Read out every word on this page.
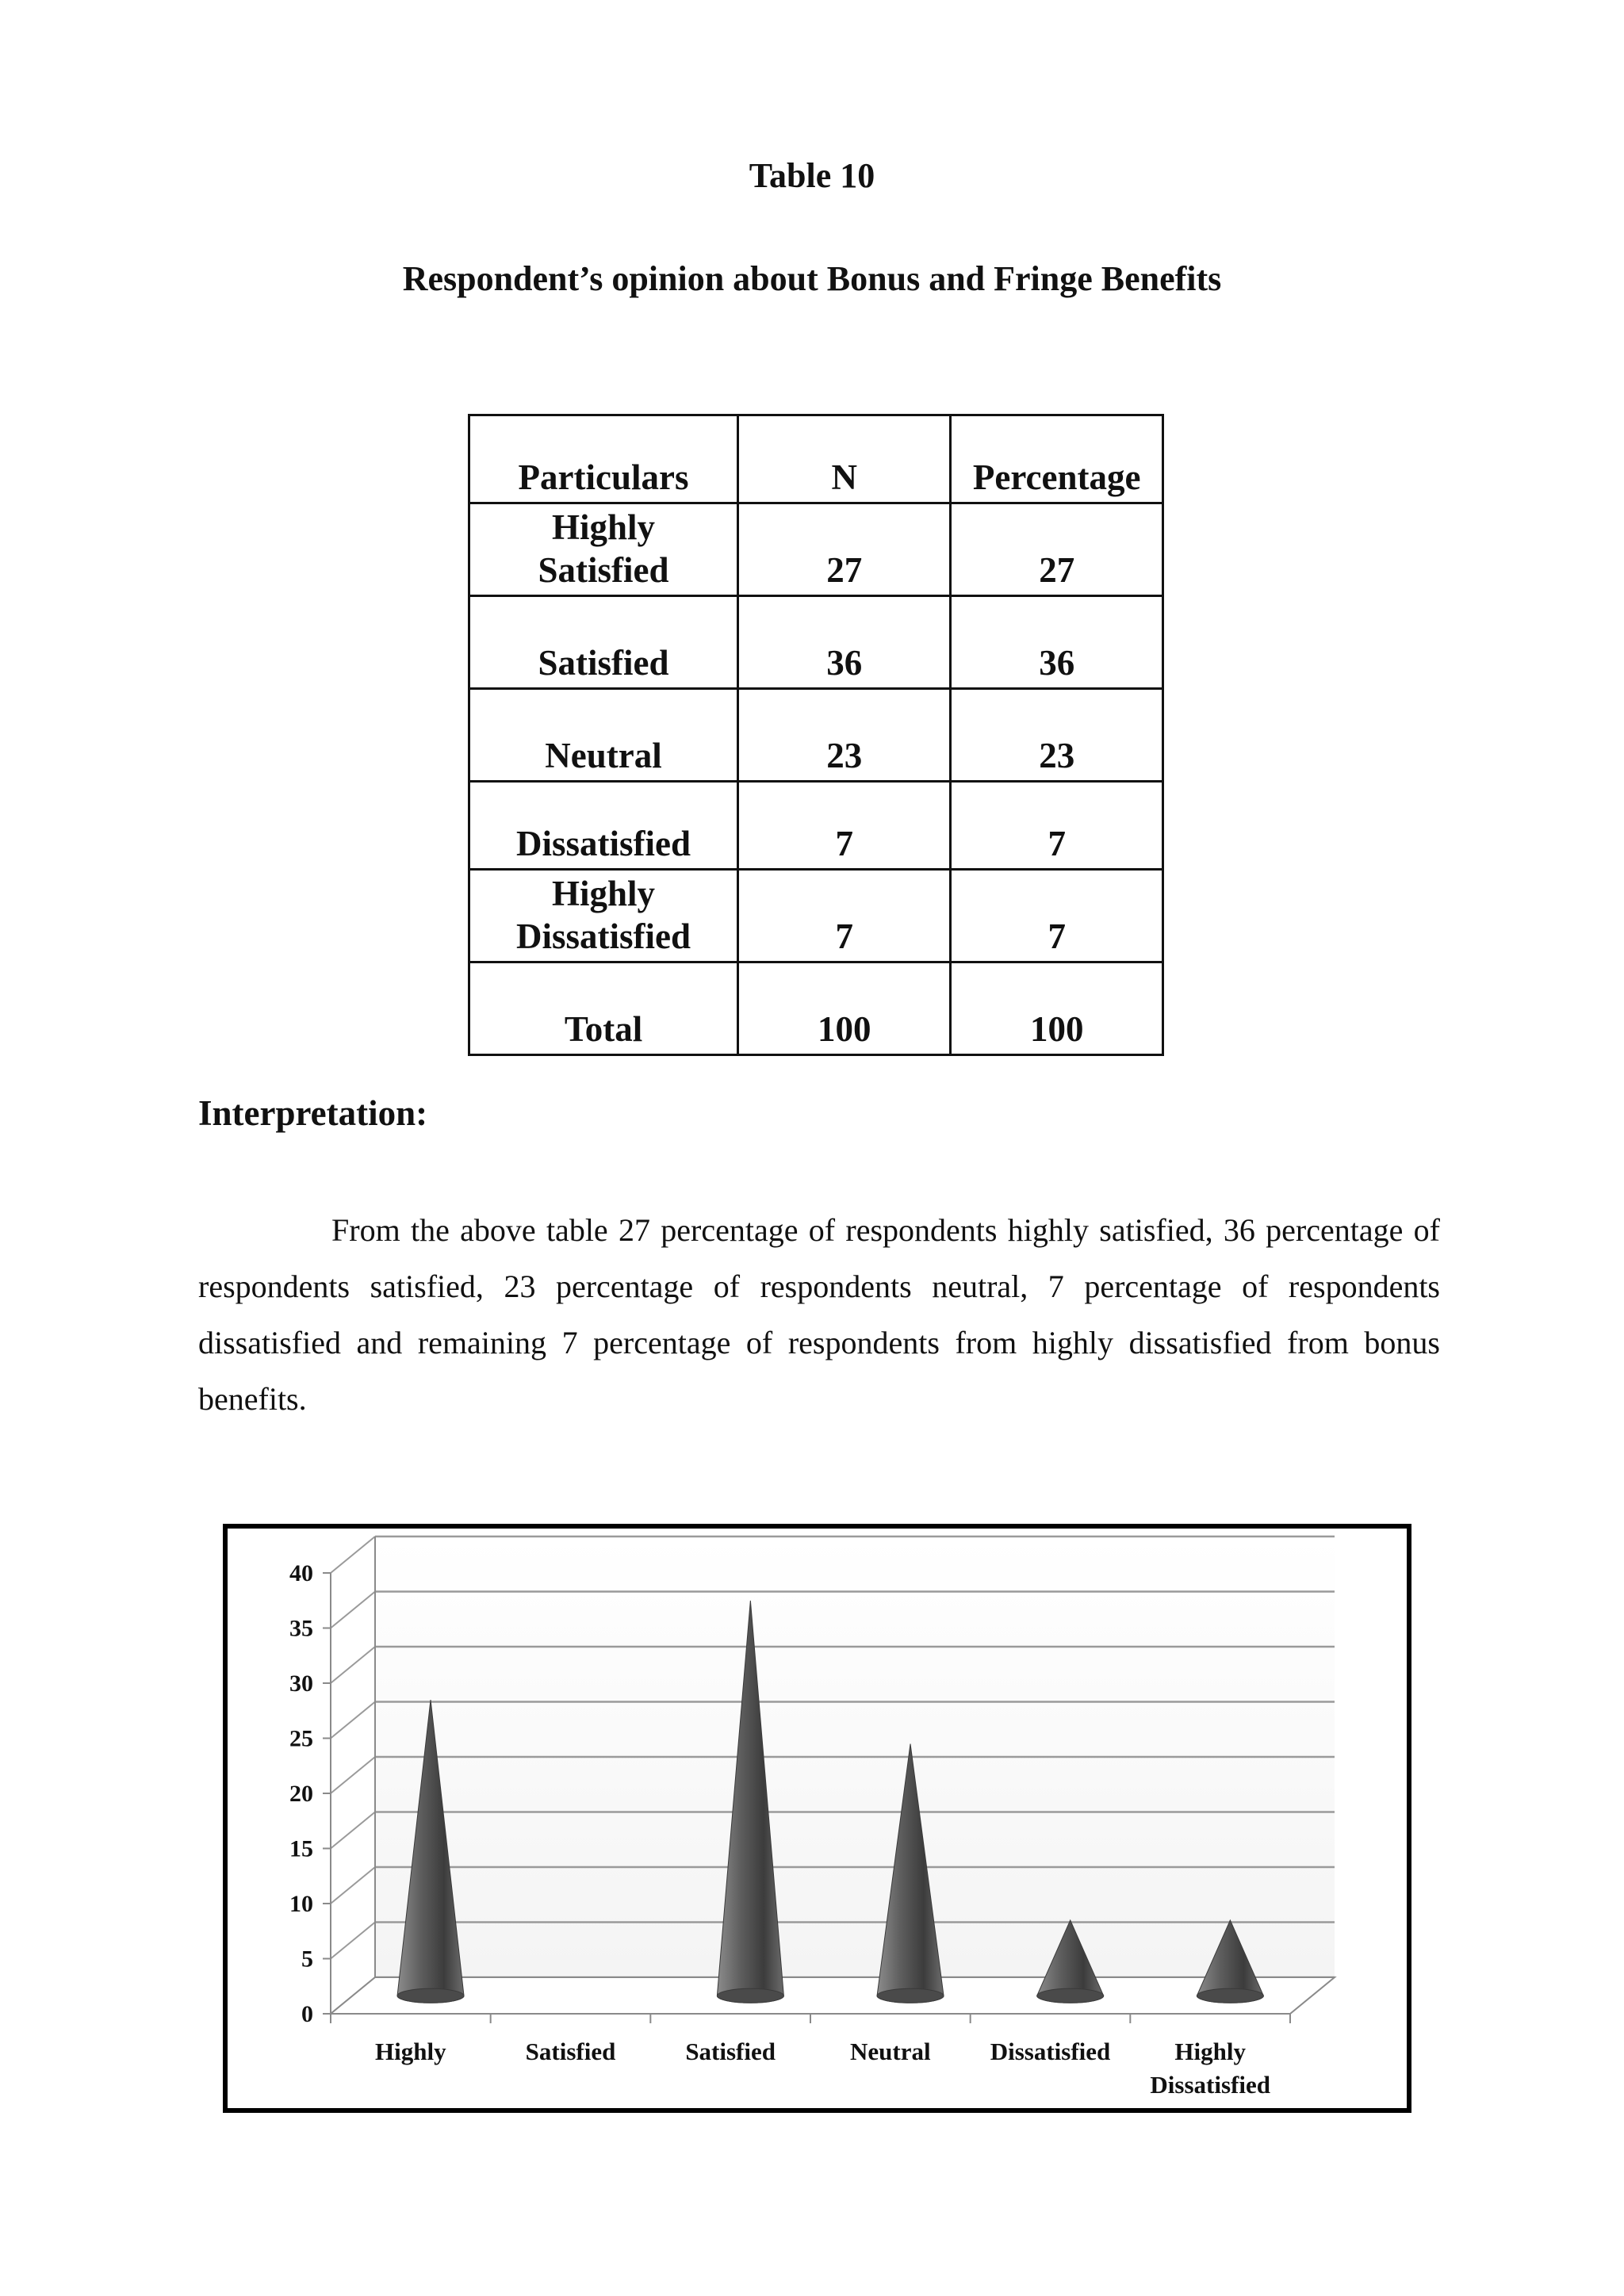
Table 10
Respondent’s opinion about Bonus and Fringe Benefits
Particulars	N	Percentage

Highly
Satisfied	27	27
Satisfied	36	36
Neutral	23	23
Dissatisfied	7	7

Highly
Dissatisfied	7	7
Total	100	100
Interpretation:
From the above table 27 percentage of respondents highly satisfied, 36 percentage of respondents satisfied, 23 percentage of respondents neutral, 7 percentage of respondents dissatisfied and remaining 7 percentage of respondents from highly dissatisfied from bonus benefits.
0
5
10
15
20
25
30
35
40
Highly	Satisfied	Satisfied	Neutral Dissatisfied	Highly
Dissatisfied
